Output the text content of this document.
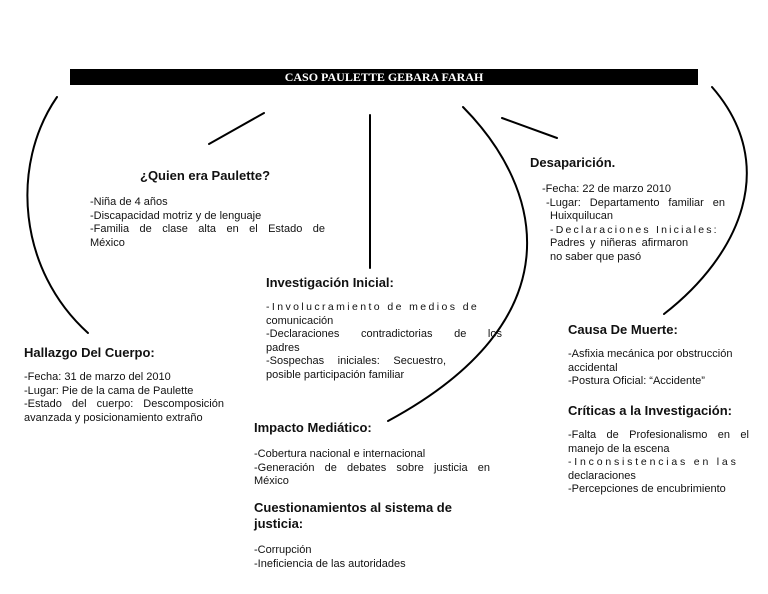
CASO PAULETTE GEBARA FARAH
¿Quien era Paulette?
-Niña de 4 años
-Discapacidad motriz y de lenguaje
-Familia de clase alta en el Estado de
México
Desaparición.
-Fecha: 22 de marzo 2010
-Lugar: Departamento familiar en
Huixquilucan
-Declaraciones Iniciales:
Padres y niñeras afirmaron
no saber que pasó
Investigación Inicial:
-Involucramiento de medios de
comunicación
-Declaraciones contradictorias de los
padres
-Sospechas iniciales: Secuestro,
posible participación familiar
Hallazgo Del Cuerpo:
-Fecha: 31 de marzo del 2010
-Lugar: Pie de la cama de Paulette
-Estado del cuerpo: Descomposición
avanzada y posicionamiento extraño
Causa De Muerte:
-Asfixia mecánica por obstrucción
accidental
-Postura Oficial: “Accidente”
Críticas a la Investigación:
-Falta de Profesionalismo en el
manejo de la escena
-Inconsistencias en las
declaraciones
-Percepciones de encubrimiento
Impacto Mediático:
-Cobertura nacional e internacional
-Generación de debates sobre justicia en
México
Cuestionamientos al sistema de
justicia:
-Corrupción
-Ineficiencia de las autoridades
